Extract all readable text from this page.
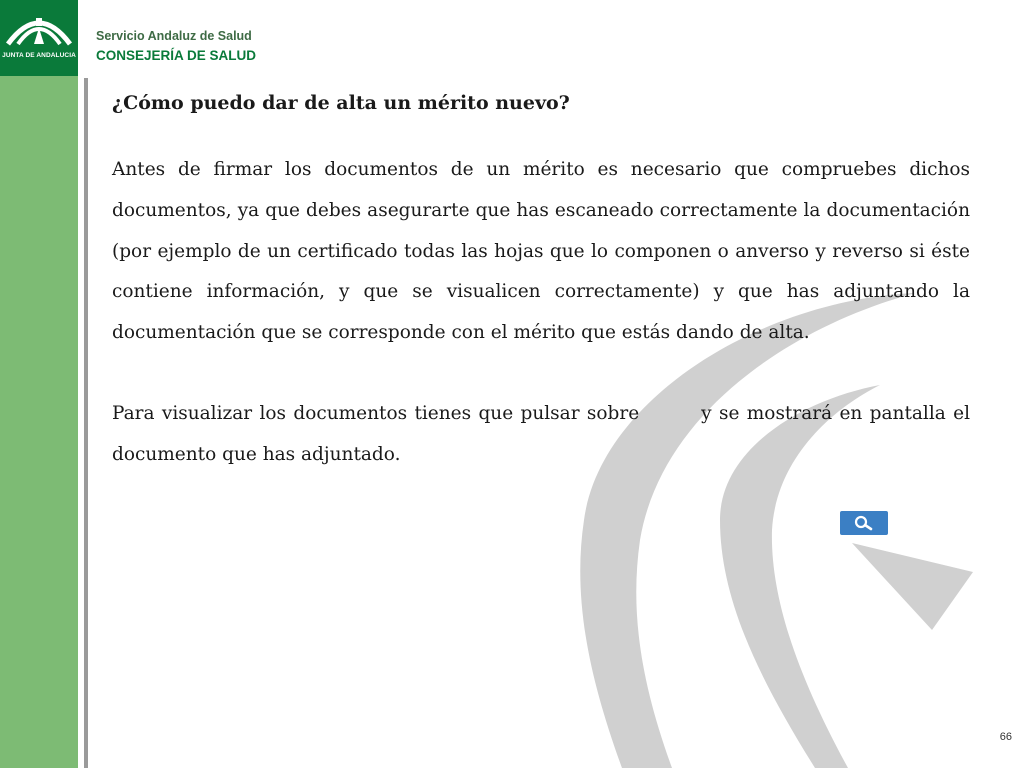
JUNTA DE ANDALUCIA
Servicio Andaluz de Salud
CONSEJERÍA DE SALUD

¿Cómo puedo dar de alta un mérito nuevo?

Antes de firmar los documentos de un mérito es necesario que compruebes dichos documentos, ya que debes asegurarte que has escaneado correctamente la documentación (por ejemplo de un certificado todas las hojas que lo componen o anverso y reverso si éste contiene información, y que se visualicen correctamente) y que has adjuntando la documentación que se corresponde con el mérito que estás dando de alta.

Para visualizar los documentos tienes que pulsar sobre	y se mostrará en pantalla el documento que has adjuntado.

66
